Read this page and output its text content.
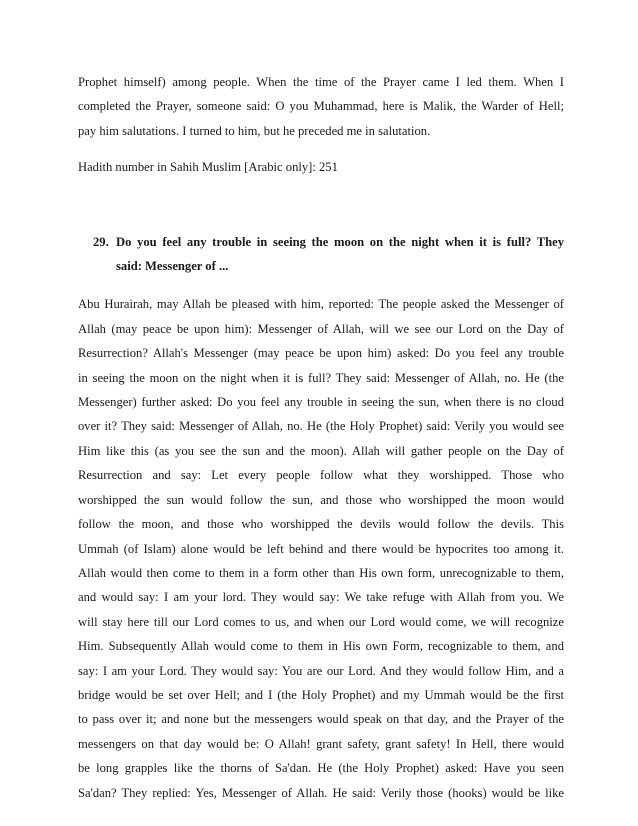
Prophet himself) among people. When the time of the Prayer came I led them. When I
completed the Prayer, someone said: O you Muhammad, here is Malik, the Warder of Hell;
pay him salutations. I turned to him, but he preceded me in salutation.

Hadith number in Sahih Muslim [Arabic only]: 251

29. Do you feel any trouble in seeing the moon on the night when it is full? They
said: Messenger of ...

Abu Hurairah, may Allah be pleased with him, reported: The people asked the Messenger of
Allah (may peace be upon him): Messenger of Allah, will we see our Lord on the Day of
Resurrection? Allah's Messenger (may peace be upon him) asked: Do you feel any trouble
in seeing the moon on the night when it is full? They said: Messenger of Allah, no. He (the
Messenger) further asked: Do you feel any trouble in seeing the sun, when there is no cloud
over it? They said: Messenger of Allah, no. He (the Holy Prophet) said: Verily you would see
Him like this (as you see the sun and the moon). Allah will gather people on the Day of
Resurrection and say: Let every people follow what they worshipped. Those who
worshipped the sun would follow the sun, and those who worshipped the moon would
follow the moon, and those who worshipped the devils would follow the devils. This
Ummah (of Islam) alone would be left behind and there would be hypocrites too among it.
Allah would then come to them in a form other than His own form, unrecognizable to them,
and would say: I am your lord. They would say: We take refuge with Allah from you. We
will stay here till our Lord comes to us, and when our Lord would come, we will recognize
Him. Subsequently Allah would come to them in His own Form, recognizable to them, and
say: I am your Lord. They would say: You are our Lord. And they would follow Him, and a
bridge would be set over Hell; and I (the Holy Prophet) and my Ummah would be the first
to pass over it; and none but the messengers would speak on that day, and the Prayer of the
messengers on that day would be: O Allah! grant safety, grant safety! In Hell, there would
be long grapples like the thorns of Sa'dan. He (the Holy Prophet) asked: Have you seen
Sa'dan? They replied: Yes, Messenger of Allah. He said: Verily those (hooks) would be like
